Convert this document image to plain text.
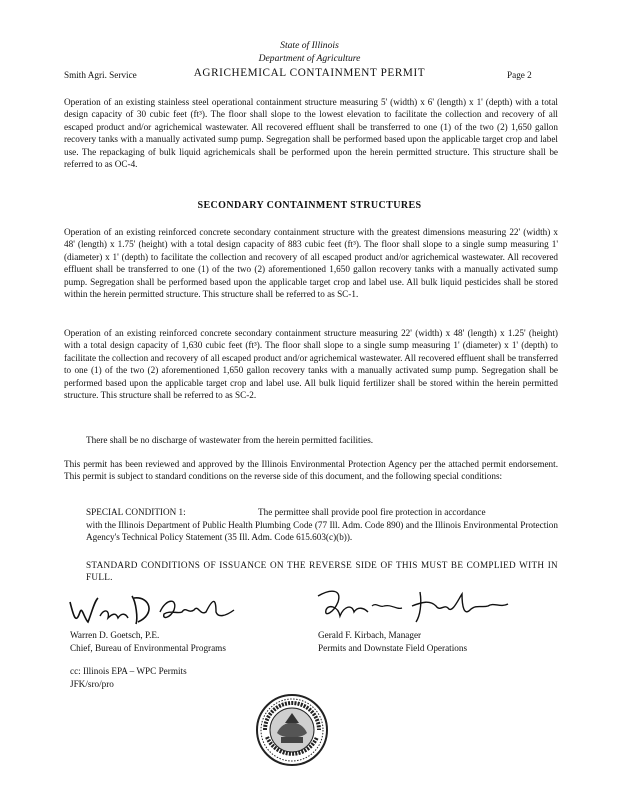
State of Illinois
Department of Agriculture
Smith Agri. Service	AGRICHEMICAL CONTAINMENT PERMIT	Page 2
Operation of an existing stainless steel operational containment structure measuring 5' (width) x 6' (length) x 1' (depth) with a total design capacity of 30 cubic feet (ft³). The floor shall slope to the lowest elevation to facilitate the collection and recovery of all escaped product and/or agrichemical wastewater. All recovered effluent shall be transferred to one (1) of the two (2) 1,650 gallon recovery tanks with a manually activated sump pump. Segregation shall be performed based upon the applicable target crop and label use. The repackaging of bulk liquid agrichemicals shall be performed upon the herein permitted structure. This structure shall be referred to as OC-4.
SECONDARY CONTAINMENT STRUCTURES
Operation of an existing reinforced concrete secondary containment structure with the greatest dimensions measuring 22' (width) x 48' (length) x 1.75' (height) with a total design capacity of 883 cubic feet (ft³). The floor shall slope to a single sump measuring 1' (diameter) x 1' (depth) to facilitate the collection and recovery of all escaped product and/or agrichemical wastewater. All recovered effluent shall be transferred to one (1) of the two (2) aforementioned 1,650 gallon recovery tanks with a manually activated sump pump. Segregation shall be performed based upon the applicable target crop and label use. All bulk liquid pesticides shall be stored within the herein permitted structure. This structure shall be referred to as SC-1.
Operation of an existing reinforced concrete secondary containment structure measuring 22' (width) x 48' (length) x 1.25' (height) with a total design capacity of 1,630 cubic feet (ft³). The floor shall slope to a single sump measuring 1' (diameter) x 1' (depth) to facilitate the collection and recovery of all escaped product and/or agrichemical wastewater. All recovered effluent shall be transferred to one (1) of the two (2) aforementioned 1,650 gallon recovery tanks with a manually activated sump pump. Segregation shall be performed based upon the applicable target crop and label use. All bulk liquid fertilizer shall be stored within the herein permitted structure. This structure shall be referred to as SC-2.
There shall be no discharge of wastewater from the herein permitted facilities.
This permit has been reviewed and approved by the Illinois Environmental Protection Agency per the attached permit endorsement. This permit is subject to standard conditions on the reverse side of this document, and the following special conditions:
SPECIAL CONDITION 1:	The permittee shall provide pool fire protection in accordance
with the Illinois Department of Public Health Plumbing Code (77 Ill. Adm. Code 890) and the Illinois Environmental Protection Agency's Technical Policy Statement (35 Ill. Adm. Code 615.603(c)(b)).
STANDARD CONDITIONS OF ISSUANCE ON THE REVERSE SIDE OF THIS MUST BE COMPLIED WITH IN FULL.
Warren D. Goetsch, P.E.
Chief, Bureau of Environmental Programs
Gerald F. Kirbach, Manager
Permits and Downstate Field Operations
cc: Illinois EPA – WPC Permits
JFK/sro/pro
